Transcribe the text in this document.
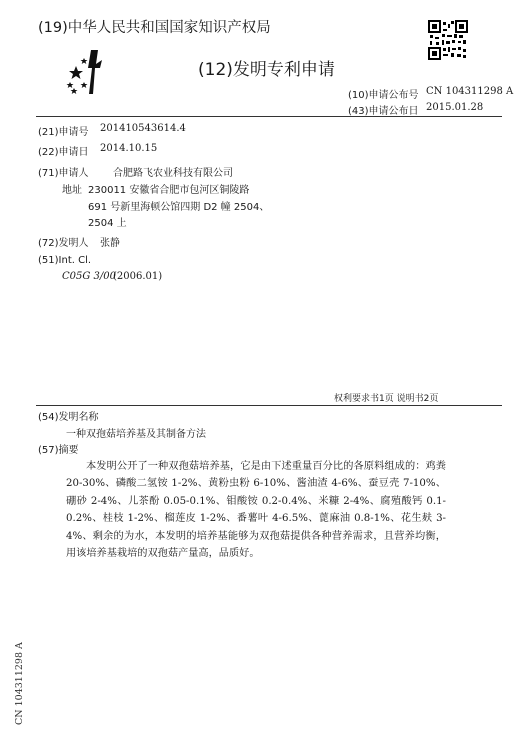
(19)中华人民共和国国家知识产权局
(12)发明专利申请
(10)申请公布号 CN 104311298 A
(43)申请公布日 2015.01.28
(21)申请号 201410543614.4
(22)申请日 2014.10.15
(71)申请人 合肥路飞农业科技有限公司
地址 230011 安徽省合肥市包河区铜陵路
691 号新里海顿公馆四期 D2 幢 2504、
2504 上
(72)发明人 张静
(51)Int. Cl.
C05G 3/00
(2006.01)
权利要求书1页 说明书2页
(54)发明名称
一种双孢菇培养基及其制备方法
(57)摘要
本发明公开了一种双孢菇培养基，它是由下述重量百分比的各原料组成的：鸡粪 20-30%、磷酸二氢铵 1-2%、黄粉虫粉 6-10%、酱油渣 4-6%、蚕豆壳 7-10%、硼砂 2-4%、儿茶酚 0.05-0.1%、钼酸铵 0.2-0.4%、米糠 2-4%、腐殖酸钙 0.1-0.2%、桂枝 1-2%、榴莲皮 1-2%、番薯叶 4-6.5%、蓖麻油 0.8-1%、花生麸 3-4%、剩余的为水，本发明的培养基能够为双孢菇提供各种营养需求，且营养均衡，用该培养基栽培的双孢菇产量高，品质好。
CN 104311298 A
